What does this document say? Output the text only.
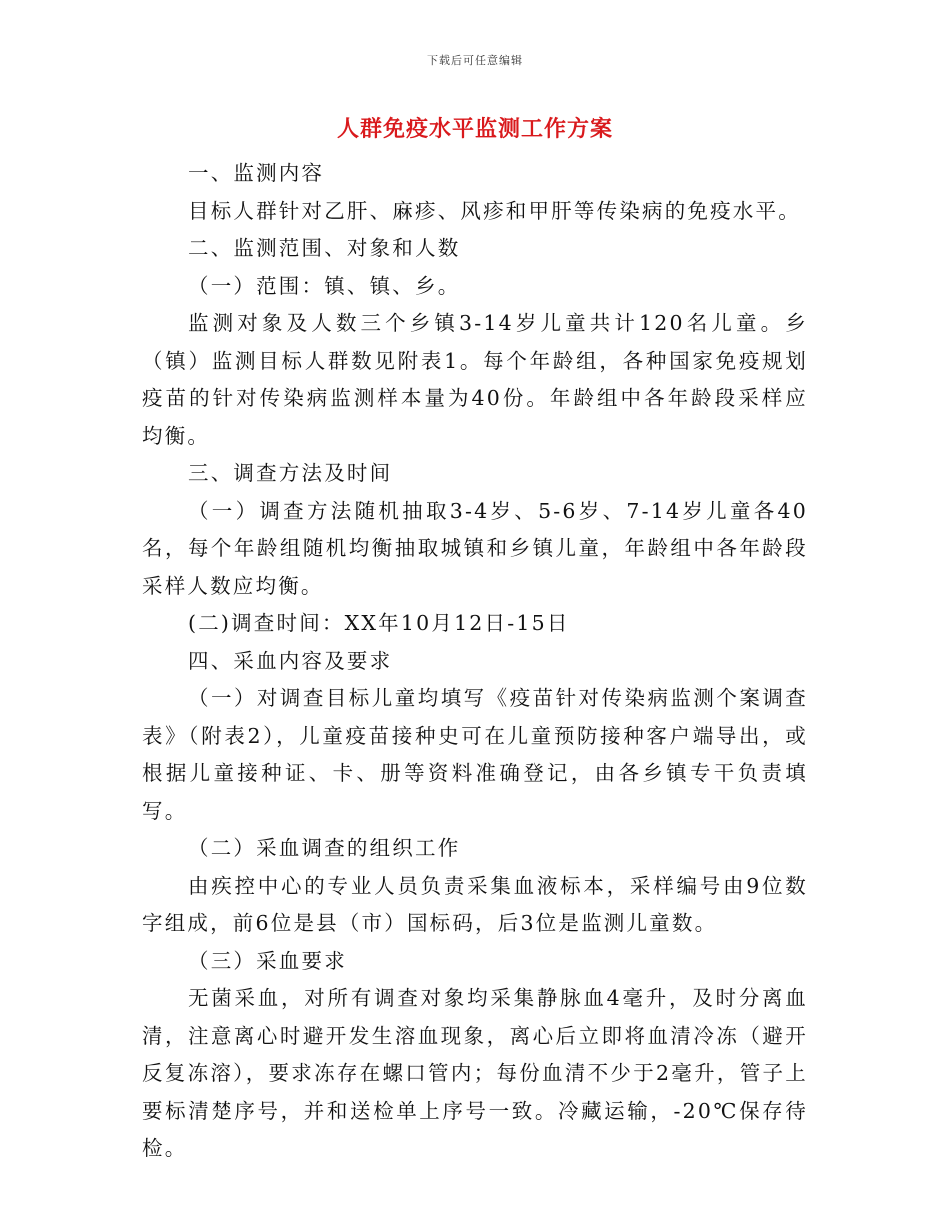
下载后可任意编辑
人群免疫水平监测工作方案

一、监测内容

目标人群针对乙肝、麻疹、风疹和甲肝等传染病的免疫水平。

二、监测范围、对象和人数

（一）范围：镇、镇、乡。

监测对象及人数三个乡镇3-14岁儿童共计120名儿童。乡（镇）监测目标人群数见附表1。每个年龄组，各种国家免疫规划疫苗的针对传染病监测样本量为40份。年龄组中各年龄段采样应均衡。

三、调查方法及时间

（一）调查方法随机抽取3-4岁、5-6岁、7-14岁儿童各40名，每个年龄组随机均衡抽取城镇和乡镇儿童，年龄组中各年龄段采样人数应均衡。

(二)调查时间：XX年10月12日-15日

四、采血内容及要求

（一）对调查目标儿童均填写《疫苗针对传染病监测个案调查表》（附表2），儿童疫苗接种史可在儿童预防接种客户端导出，或根据儿童接种证、卡、册等资料准确登记，由各乡镇专干负责填写。

（二）采血调查的组织工作

由疾控中心的专业人员负责采集血液标本，采样编号由9位数字组成，前6位是县（市）国标码，后3位是监测儿童数。

（三）采血要求

无菌采血，对所有调查对象均采集静脉血4毫升，及时分离血清，注意离心时避开发生溶血现象，离心后立即将血清冷冻（避开反复冻溶），要求冻存在螺口管内；每份血清不少于2毫升，管子上要标清楚序号，并和送检单上序号一致。冷藏运输，-20℃保存待检。
